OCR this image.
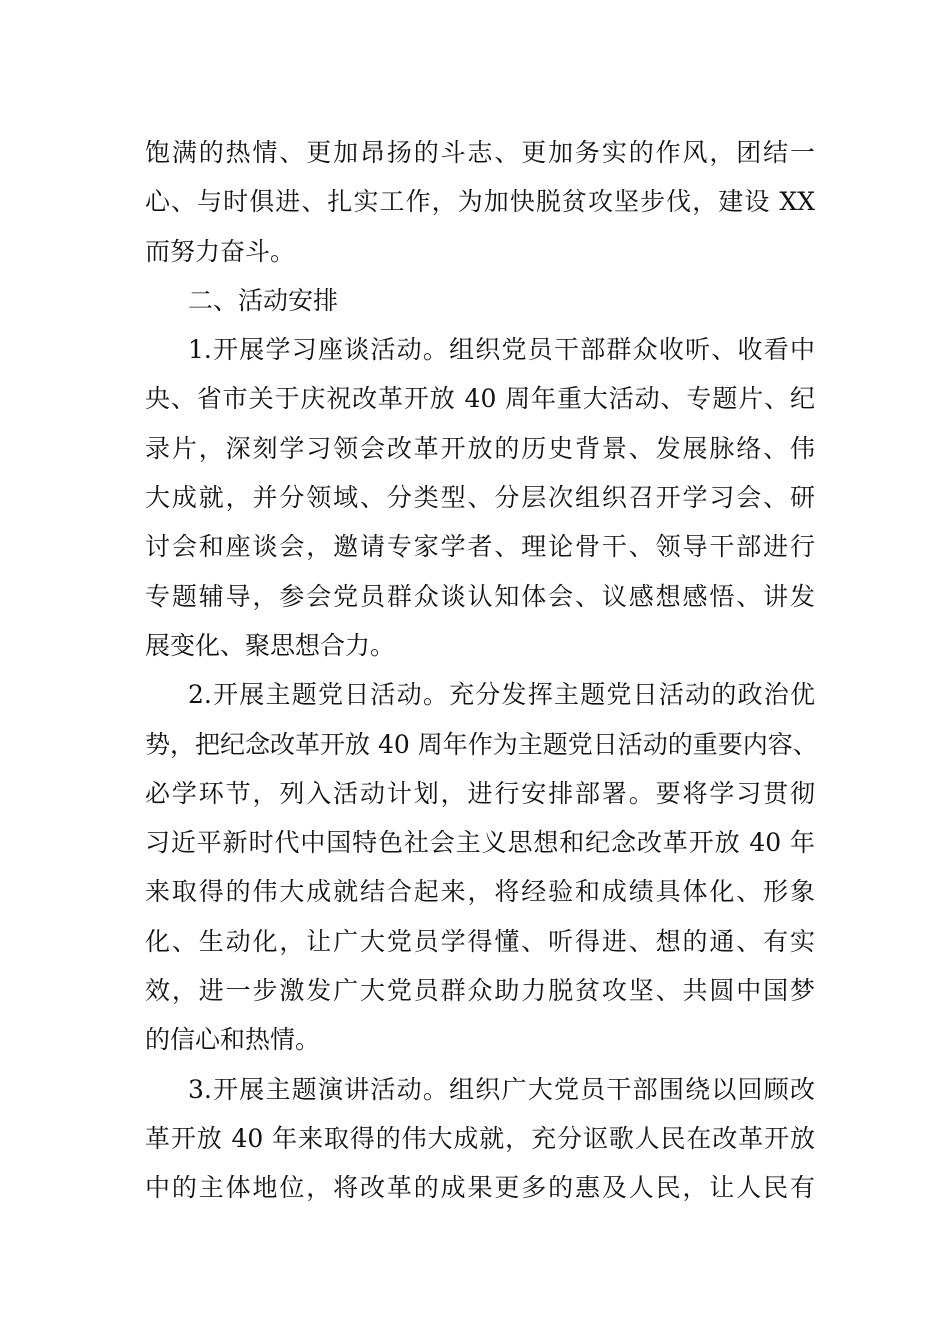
饱满的热情、更加昂扬的斗志、更加务实的作风，团结一
心、与时俱进、扎实工作，为加快脱贫攻坚步伐，建设 XX
而努力奋斗。
二、活动安排
1.开展学习座谈活动。组织党员干部群众收听、收看中
央、省市关于庆祝改革开放 40 周年重大活动、专题片、纪
录片，深刻学习领会改革开放的历史背景、发展脉络、伟
大成就，并分领域、分类型、分层次组织召开学习会、研
讨会和座谈会，邀请专家学者、理论骨干、领导干部进行
专题辅导，参会党员群众谈认知体会、议感想感悟、讲发
展变化、聚思想合力。
2.开展主题党日活动。充分发挥主题党日活动的政治优
势，把纪念改革开放 40 周年作为主题党日活动的重要内容、
必学环节，列入活动计划，进行安排部署。要将学习贯彻
习近平新时代中国特色社会主义思想和纪念改革开放 40 年
来取得的伟大成就结合起来，将经验和成绩具体化、形象
化、生动化，让广大党员学得懂、听得进、想的通、有实
效，进一步激发广大党员群众助力脱贫攻坚、共圆中国梦
的信心和热情。
3.开展主题演讲活动。组织广大党员干部围绕以回顾改
革开放 40 年来取得的伟大成就，充分讴歌人民在改革开放
中的主体地位，将改革的成果更多的惠及人民，让人民有
